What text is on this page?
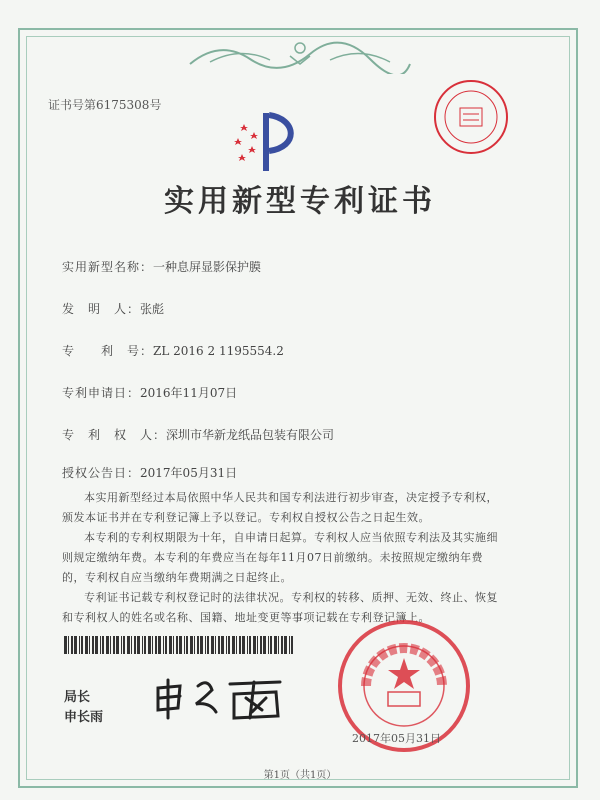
证书号第6175308号
实用新型专利证书
实用新型名称：一种息屏显影保护膜
发　明　人：张彪
专　　利　号：ZL 2016 2 1195554.2
专利申请日：2016年11月07日
专　利　权　人：深圳市华新龙纸品包装有限公司
授权公告日：2017年05月31日

本实用新型经过本局依照中华人民共和国专利法进行初步审查，决定授予专利权，颁发本证书并在专利登记簿上予以登记。专利权自授权公告之日起生效。

本专利的专利权期限为十年，自申请日起算。专利权人应当依照专利法及其实施细则规定缴纳年费。本专利的年费应当在每年11月07日前缴纳。未按照规定缴纳年费的，专利权自应当缴纳年费期满之日起终止。

专利证书记载专利权登记时的法律状况。专利权的转移、质押、无效、终止、恢复和专利权人的姓名或名称、国籍、地址变更等事项记载在专利登记簿上。

局长
申长雨
2017年05月31日
第1页（共1页）
